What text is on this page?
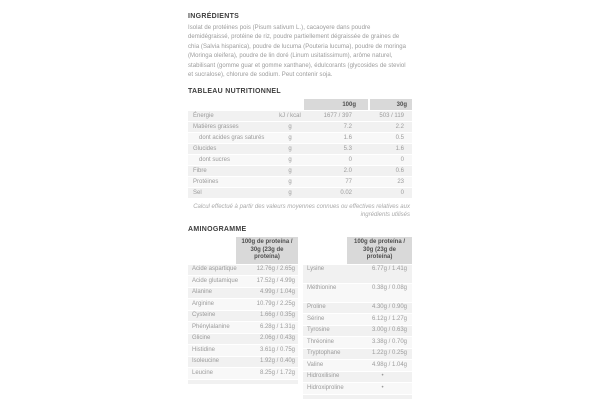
INGRÉDIENTS
Isolat de protéines pois (Pisum sativum L.), cacaoyere dans poudre demidégraissé, protéine de riz, poudre partiellement dégraissée de graines de chia (Salvia hispanica), poudre de lucuma (Pouteria lucuma), poudre de moringa (Moringa oleifera), poudre de lin doré (Linum usitatissimum), arôme naturel, stabilisant (gomme guar et gomme xanthane), édulcorants (glycosides de steviol et sucralose), chlorure de sodium. Peut contenir soja.
TABLEAU NUTRITIONNEL
100g	30g
Énergie	kJ / kcal	1677 / 397	503 / 119
Matières grasses	g	7.2	2.2
dont acides gras saturés	g	1.6	0.5
Glucides	g	5.3	1.6
dont sucres	g	0	0
Fibre	g	2.0	0.6
Protéines	g	77	23
Sel	g	0.02	0
Calcul effectué à partir des valeurs moyennes connues ou effectives relatives aux ingrédients utilisés
AMINOGRAMME
100g de proteína / 30g (23g de proteína)
Acide aspartique	12.76g / 2.65g
Acide glutamique	17.52g / 4.99g
Alanine	4.99g / 1.04g
Arginine	10.79g / 2.25g
Cysteine	1.66g / 0.35g
Phénylalanine	6.28g / 1.31g
Glicine	2.06g / 0.43g
Histidine	3.61g / 0.75g
Isoleucine	1.92g / 0.40g
Leucine	8.25g / 1.72g
100g de proteína / 30g (23g de proteína)
Lysine	6.77g / 1.41g
Méthionine	0.38g / 0.08g
Proline	4.30g / 0.90g
Sérine	6.12g / 1.27g
Tyrosine	3.00g / 0.63g
Thréonine	3.38g / 0.70g
Tryptophane	1.22g / 0.25g
Valine	4.98g / 1.04g
Hidroxilisine	•
Hidroxiproline	•
